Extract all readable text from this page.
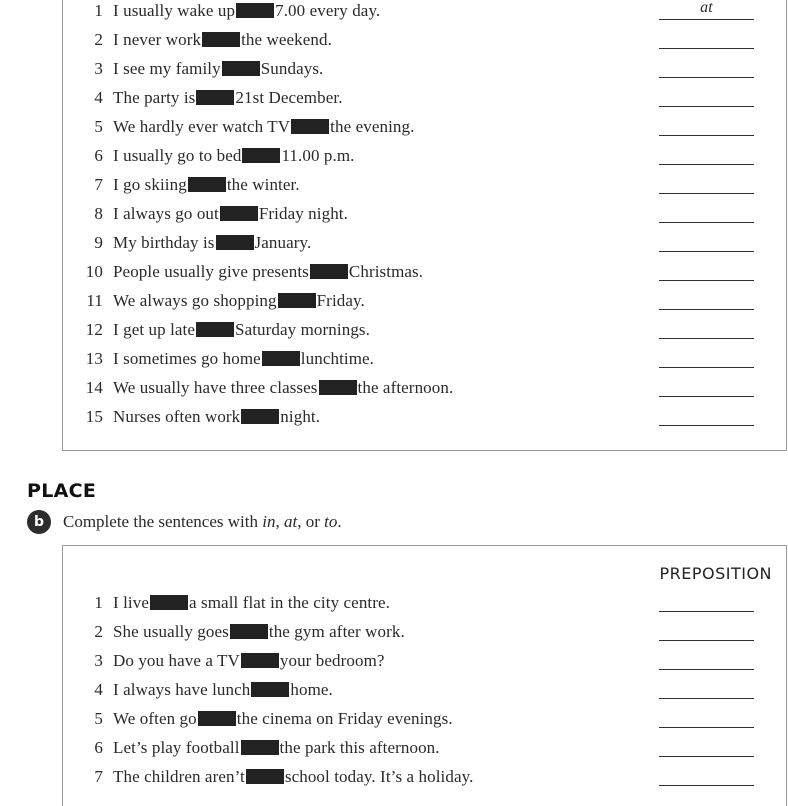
1 I usually wake up 7.00 every day.	at
2 I never work the weekend.
3 I see my family Sundays.
4 The party is 21st December.
5 We hardly ever watch TV the evening.
6 I usually go to bed 11.00 p.m.
7 I go skiing the winter.
8 I always go out Friday night.
9 My birthday is January.
10 People usually give presents Christmas.
11 We always go shopping Friday.
12 I get up late Saturday mornings.
13 I sometimes go home lunchtime.
14 We usually have three classes the afternoon.
15 Nurses often work night.
PLACE
b	Complete the sentences with in, at, or to.
PREPOSITION
1 I live a small flat in the city centre.
2 She usually goes the gym after work.
3 Do you have a TV your bedroom?
4 I always have lunch home.
5 We often go the cinema on Friday evenings.
6 Let’s play football the park this afternoon.
7 The children aren’t school today. It’s a holiday.
